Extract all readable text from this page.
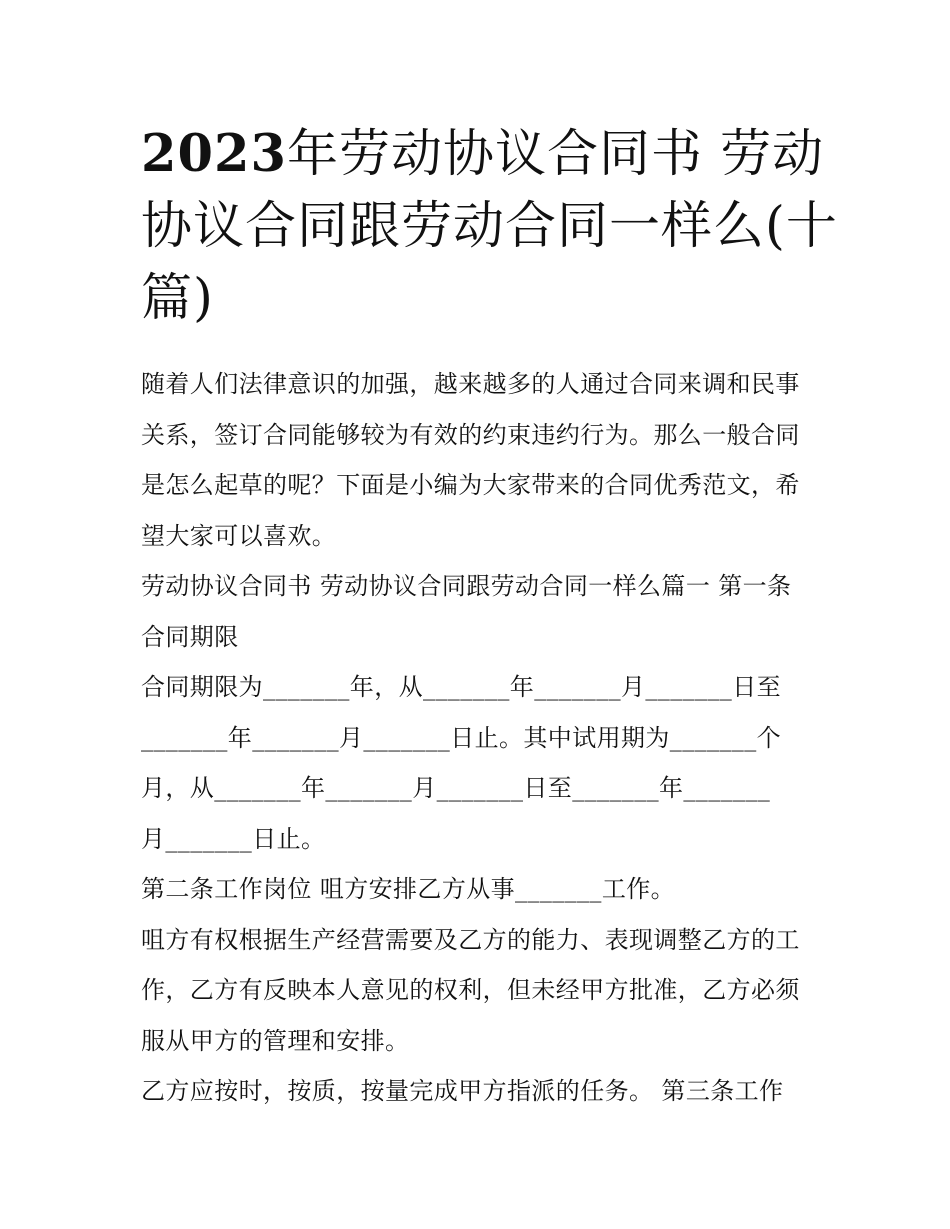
2023年劳动协议合同书 劳动
协议合同跟劳动合同一样么(十
篇)

随着人们法律意识的加强，越来越多的人通过合同来调和民事
关系，签订合同能够较为有效的约束违约行为。那么一般合同
是怎么起草的呢？下面是小编为大家带来的合同优秀范文，希
望大家可以喜欢。

劳动协议合同书 劳动协议合同跟劳动合同一样么篇一 第一条
合同期限

合同期限为_______年，从_______年_______月_______日至
_______年_______月_______日止。其中试用期为_______个
月，从_______年_______月_______日至_______年_______
月_______日止。

第二条工作岗位 咀方安排乙方从事_______工作。

咀方有权根据生产经营需要及乙方的能力、表现调整乙方的工
作，乙方有反映本人意见的权利，但未经甲方批准，乙方必须
服从甲方的管理和安排。

乙方应按时，按质，按量完成甲方指派的任务。 第三条工作
